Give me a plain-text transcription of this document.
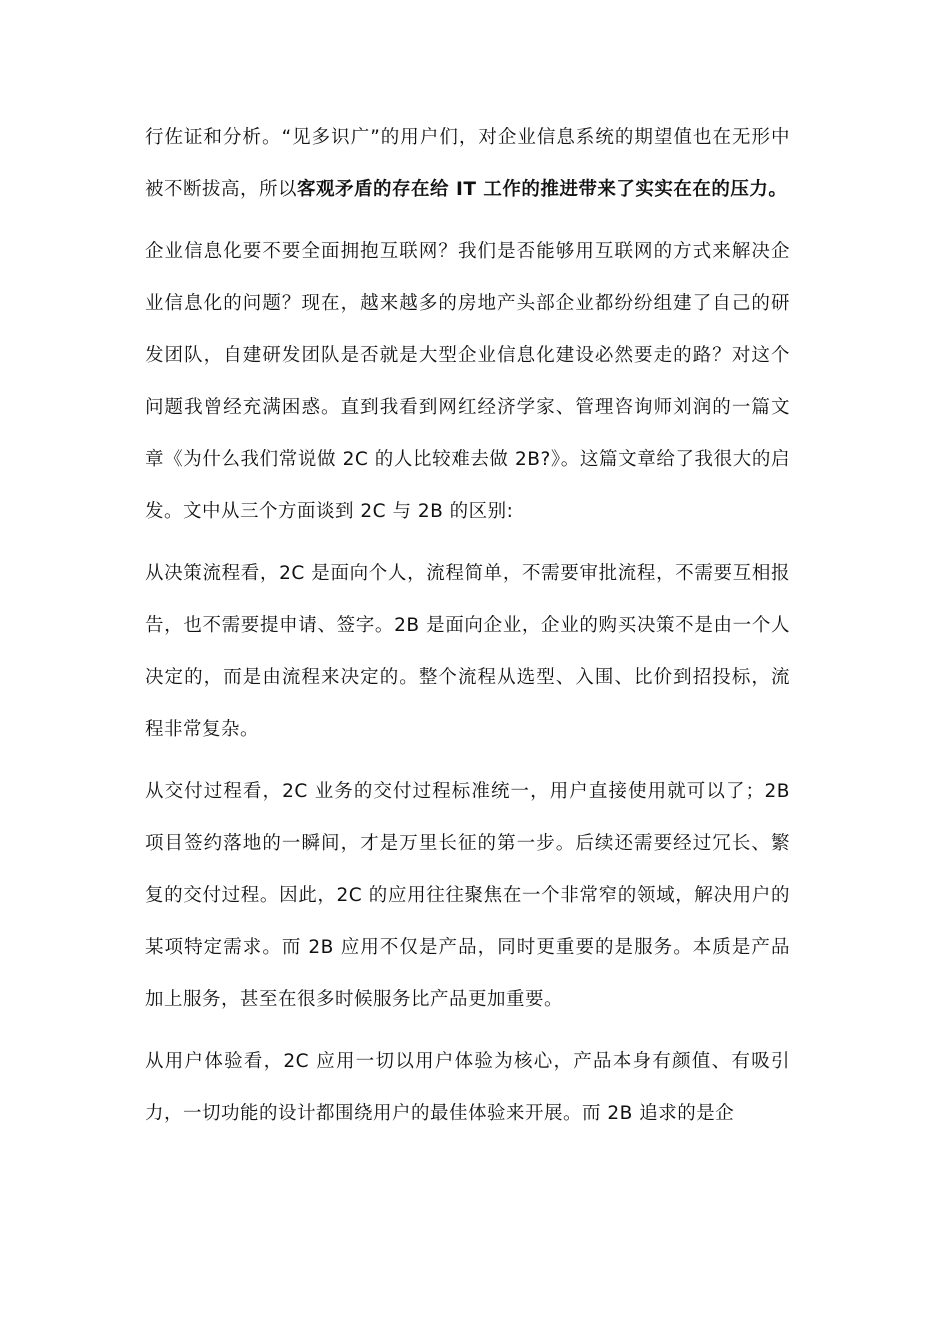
行佐证和分析。“见多识广”的用户们，对企业信息系统的期望值也在无形中被不断拔高，所以客观矛盾的存在给 IT 工作的推进带来了实实在在的压力。

企业信息化要不要全面拥抱互联网？我们是否能够用互联网的方式来解决企业信息化的问题？现在，越来越多的房地产头部企业都纷纷组建了自己的研发团队，自建研发团队是否就是大型企业信息化建设必然要走的路？对这个问题我曾经充满困惑。直到我看到网红经济学家、管理咨询师刘润的一篇文章《为什么我们常说做 2C 的人比较难去做 2B?》。这篇文章给了我很大的启发。文中从三个方面谈到 2C 与 2B 的区别:

从决策流程看，2C 是面向个人，流程简单，不需要审批流程，不需要互相报告，也不需要提申请、签字。2B 是面向企业，企业的购买决策不是由一个人决定的，而是由流程来决定的。整个流程从选型、入围、比价到招投标，流程非常复杂。

从交付过程看，2C 业务的交付过程标准统一，用户直接使用就可以了；2B 项目签约落地的一瞬间，才是万里长征的第一步。后续还需要经过冗长、繁复的交付过程。因此，2C 的应用往往聚焦在一个非常窄的领域，解决用户的某项特定需求。而 2B 应用不仅是产品，同时更重要的是服务。本质是产品加上服务，甚至在很多时候服务比产品更加重要。

从用户体验看，2C 应用一切以用户体验为核心，产品本身有颜值、有吸引力，一切功能的设计都围绕用户的最佳体验来开展。而 2B 追求的是企
